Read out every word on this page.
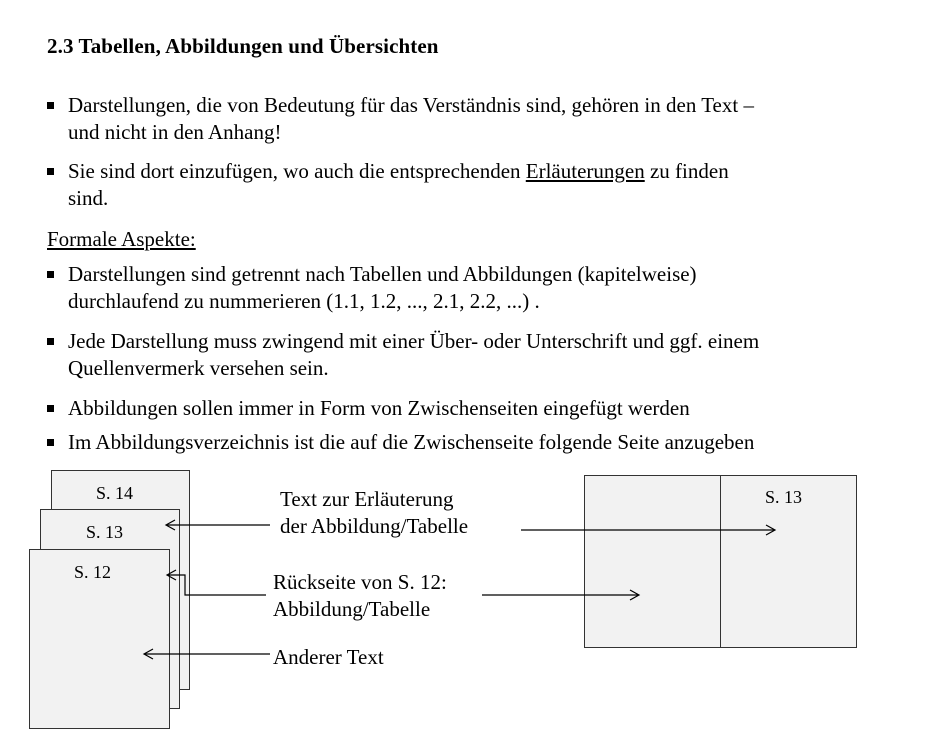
2.3 Tabellen, Abbildungen und Übersichten
Darstellungen, die von Bedeutung für das Verständnis sind, gehören in den Text –
und nicht in den Anhang!
Sie sind dort einzufügen, wo auch die entsprechenden Erläuterungen zu finden
sind.
Formale Aspekte:
Darstellungen sind getrennt nach Tabellen und Abbildungen (kapitelweise)
durchlaufend zu nummerieren (1.1, 1.2, ..., 2.1, 2.2, ...) .
Jede Darstellung muss zwingend mit einer Über- oder Unterschrift und ggf. einem
Quellenvermerk versehen sein.
Abbildungen sollen immer in Form von Zwischenseiten eingefügt werden
Im Abbildungsverzeichnis ist die auf die Zwischenseite folgende Seite anzugeben
S. 14
S. 13
S. 12
S. 13
Text zur Erläuterung
der Abbildung/Tabelle
Rückseite von S. 12:
Abbildung/Tabelle
Anderer Text
